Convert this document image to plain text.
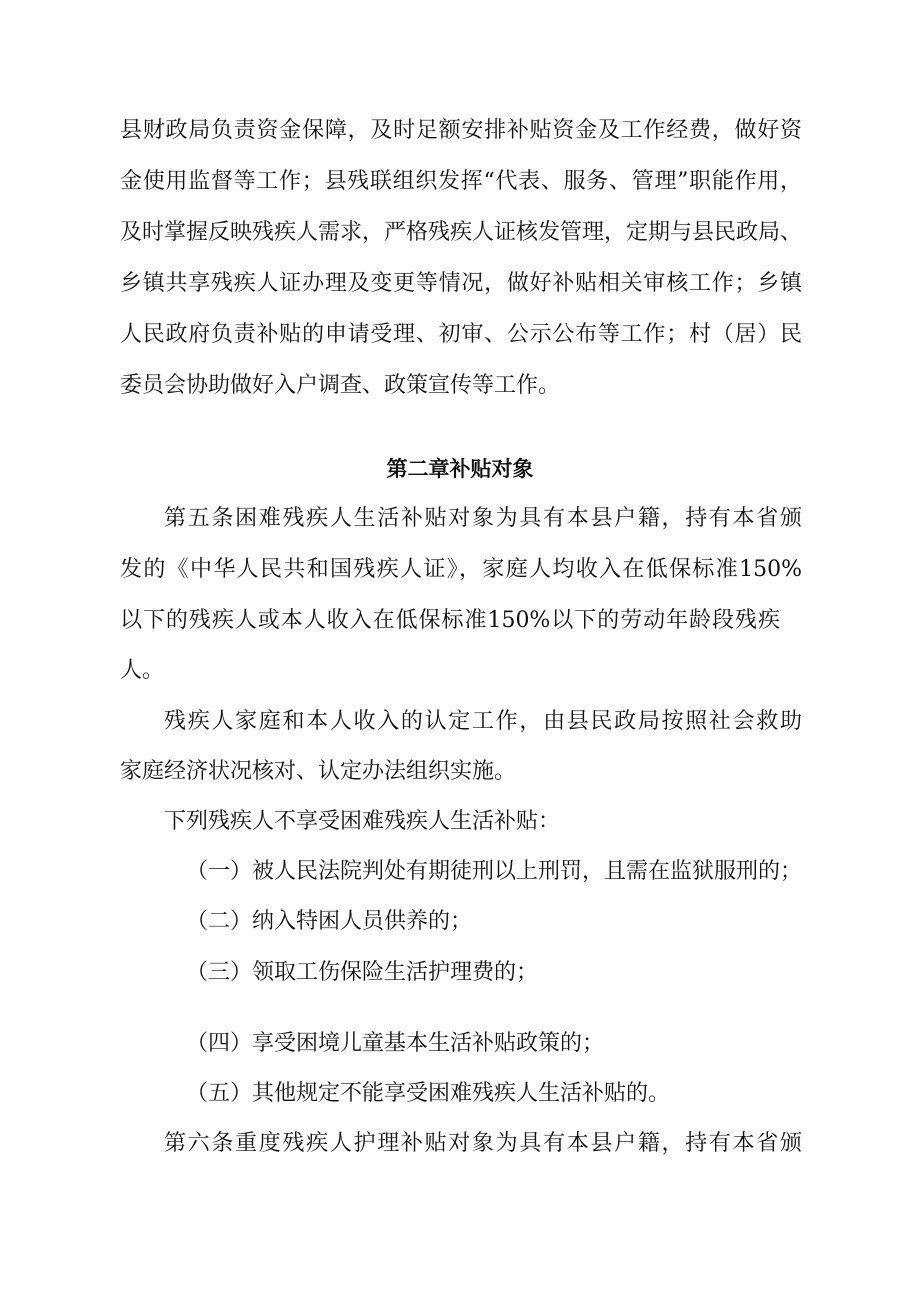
县财政局负责资金保障，及时足额安排补贴资金及工作经费，做好资
金使用监督等工作；县残联组织发挥“代表、服务、管理”职能作用，
及时掌握反映残疾人需求，严格残疾人证核发管理，定期与县民政局、
乡镇共享残疾人证办理及变更等情况，做好补贴相关审核工作；乡镇
人民政府负责补贴的申请受理、初审、公示公布等工作；村（居）民
委员会协助做好入户调查、政策宣传等工作。
第二章补贴对象
第五条困难残疾人生活补贴对象为具有本县户籍，持有本省颁
发的《中华人民共和国残疾人证》，家庭人均收入在低保标准150%
以下的残疾人或本人收入在低保标准150%以下的劳动年龄段残疾
人。
残疾人家庭和本人收入的认定工作，由县民政局按照社会救助
家庭经济状况核对、认定办法组织实施。
下列残疾人不享受困难残疾人生活补贴：
（一）被人民法院判处有期徒刑以上刑罚，且需在监狱服刑的；
（二）纳入特困人员供养的；
（三）领取工伤保险生活护理费的；
（四）享受困境儿童基本生活补贴政策的；
（五）其他规定不能享受困难残疾人生活补贴的。
第六条重度残疾人护理补贴对象为具有本县户籍，持有本省颁
